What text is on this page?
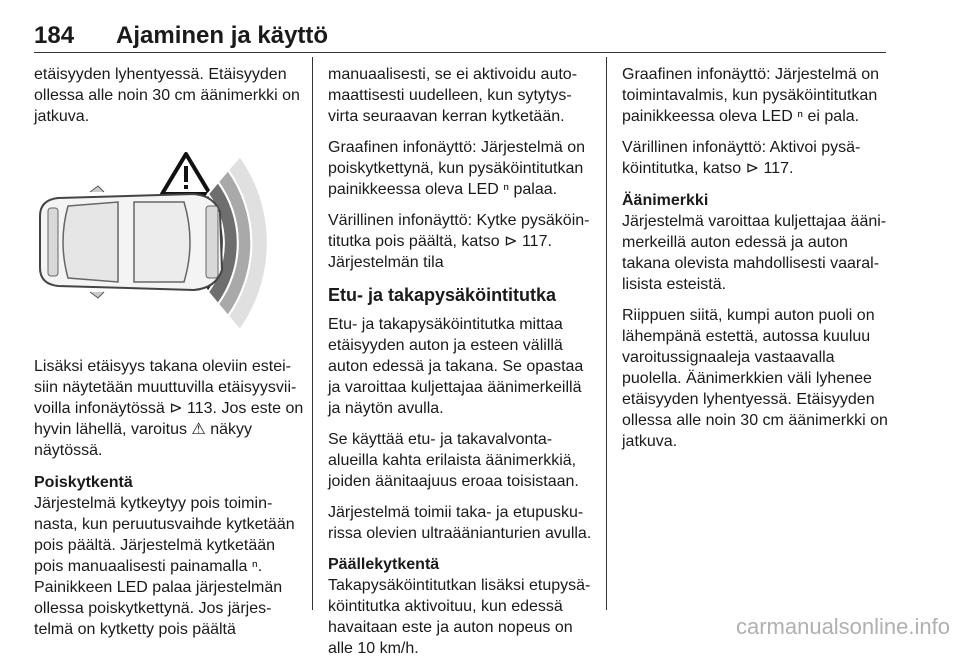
184 Ajaminen ja käyttö

etäisyyden lyhentyessä. Etäisyyden
ollessa alle noin 30 cm äänimerkki on
jatkuva.

Lisäksi etäisyys takana oleviin estei-
siin näytetään muuttuvilla etäisyysvii-
voilla infonäytössä ⊳ 113. Jos este on
hyvin lähellä, varoitus ⚠ näkyy
näytössä.

Poiskytkentä

Järjestelmä kytkeytyy pois toimin-
nasta, kun peruutusvaihde kytketään
pois päältä. Järjestelmä kytketään
pois manuaalisesti painamalla ⁿ.
Painikkeen LED palaa järjestelmän
ollessa poiskytkettynä. Jos järjes-
telmä on kytketty pois päältä

manuaalisesti, se ei aktivoidu auto-
maattisesti uudelleen, kun sytytys-
virta seuraavan kerran kytketään.

Graafinen infonäyttö: Järjestelmä on
poiskytkettynä, kun pysäköintitutkan
painikkeessa oleva LED ⁿ palaa.

Värillinen infonäyttö: Kytke pysäköin-
titutka pois päältä, katso ⊳ 117.
Järjestelmän tila

Etu- ja takapysäköintitutka

Etu- ja takapysäköintitutka mittaa
etäisyyden auton ja esteen välillä
auton edessä ja takana. Se opastaa
ja varoittaa kuljettajaa äänimerkeillä
ja näytön avulla.

Se käyttää etu- ja takavalvonta-
alueilla kahta erilaista äänimerkkiä,
joiden äänitaajuus eroaa toisistaan.

Järjestelmä toimii taka- ja etupusku-
rissa olevien ultraäänianturien avulla.

Päällekytkentä

Takapysäköintitutkan lisäksi etupysä-
köintitutka aktivoituu, kun edessä
havaitaan este ja auton nopeus on
alle 10 km/h.

Graafinen infonäyttö: Järjestelmä on
toimintavalmis, kun pysäköintitutkan
painikkeessa oleva LED ⁿ ei pala.

Värillinen infonäyttö: Aktivoi pysä-
köintitutka, katso ⊳ 117.

Äänimerkki

Järjestelmä varoittaa kuljettajaa ääni-
merkeillä auton edessä ja auton
takana olevista mahdollisesti vaaral-
lisista esteistä.

Riippuen siitä, kumpi auton puoli on
lähempänä estettä, autossa kuuluu
varoitussignaaleja vastaavalla
puolella. Äänimerkkien väli lyhenee
etäisyyden lyhentyessä. Etäisyyden
ollessa alle noin 30 cm äänimerkki on
jatkuva.

carmanualsonline.info
